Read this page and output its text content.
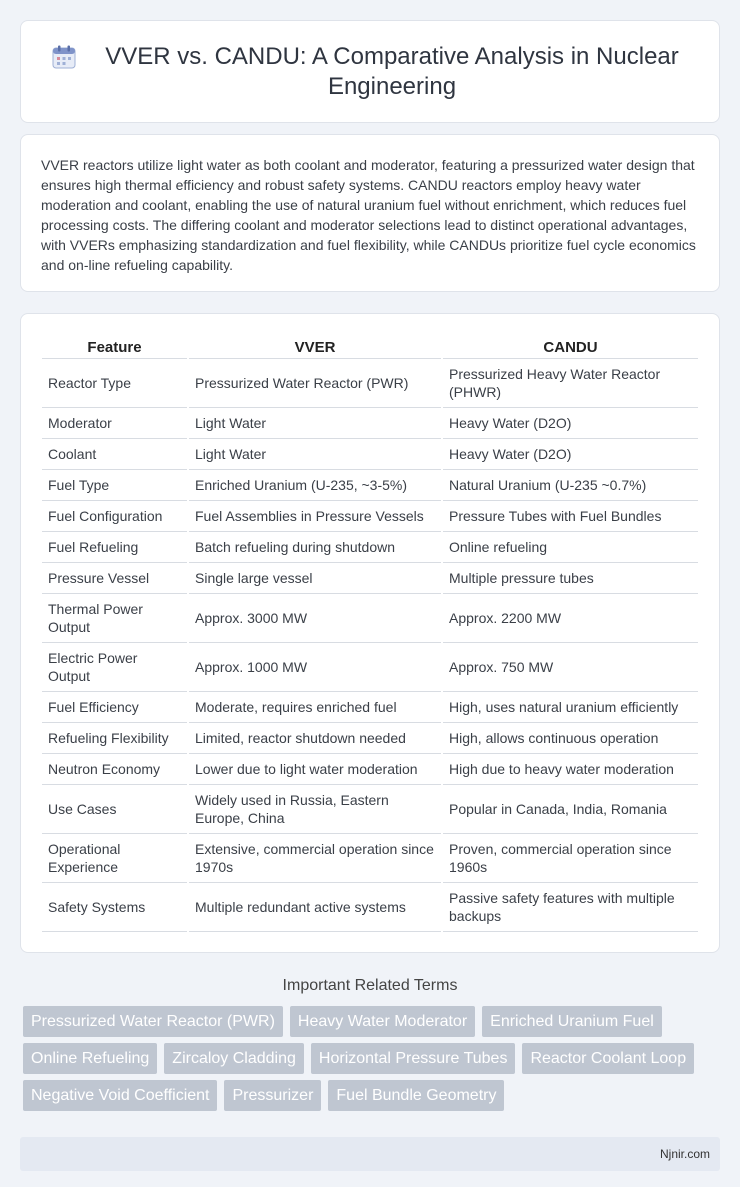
VVER vs. CANDU: A Comparative Analysis in Nuclear Engineering

VVER reactors utilize light water as both coolant and moderator, featuring a pressurized water design that ensures high thermal efficiency and robust safety systems. CANDU reactors employ heavy water moderation and coolant, enabling the use of natural uranium fuel without enrichment, which reduces fuel processing costs. The differing coolant and moderator selections lead to distinct operational advantages, with VVERs emphasizing standardization and fuel flexibility, while CANDUs prioritize fuel cycle economics and on-line refueling capability.

Feature	VVER	CANDU
Reactor Type	Pressurized Water Reactor (PWR)	Pressurized Heavy Water Reactor (PHWR)
Moderator	Light Water	Heavy Water (D2O)
Coolant	Light Water	Heavy Water (D2O)
Fuel Type	Enriched Uranium (U-235, ~3-5%)	Natural Uranium (U-235 ~0.7%)
Fuel Configuration	Fuel Assemblies in Pressure Vessels	Pressure Tubes with Fuel Bundles
Fuel Refueling	Batch refueling during shutdown	Online refueling
Pressure Vessel	Single large vessel	Multiple pressure tubes
Thermal Power Output	Approx. 3000 MW	Approx. 2200 MW
Electric Power Output	Approx. 1000 MW	Approx. 750 MW
Fuel Efficiency	Moderate, requires enriched fuel	High, uses natural uranium efficiently
Refueling Flexibility	Limited, reactor shutdown needed	High, allows continuous operation
Neutron Economy	Lower due to light water moderation	High due to heavy water moderation
Use Cases	Widely used in Russia, Eastern Europe, China	Popular in Canada, India, Romania
Operational Experience	Extensive, commercial operation since 1970s	Proven, commercial operation since 1960s
Safety Systems	Multiple redundant active systems	Passive safety features with multiple backups
Important Related Terms
Pressurized Water Reactor (PWR)	Heavy Water Moderator	Enriched Uranium Fuel
Online Refueling	Zircaloy Cladding	Horizontal Pressure Tubes	Reactor Coolant Loop
Negative Void Coefficient	Pressurizer	Fuel Bundle Geometry
Njnir.com
